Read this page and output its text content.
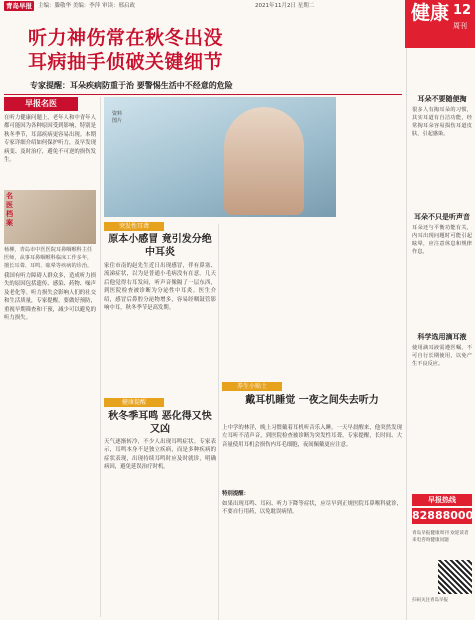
青岛早报	主编：滕敬华 美编：李萍 审读：邢启政	2021年11月2日 星期二	健康 12
周刊
听力神伤常在秋冬出没
耳病抽手侦破关键细节
专家提醒：耳朵疾病防重于治 要警惕生活中不经意的危险
早报名医
在听力健康问题上，老年人和中青年人都可能因为各种原因受到影响，特别是秋冬季节，耳部疾病更容易出现。本期专家详细介绍如何保护听力，及早发现病变、及时治疗，避免不可逆的损伤发生。
名医档案
杨柳，青岛市中医医院耳鼻咽喉科主任医师，从事耳鼻咽喉科临床工作多年，擅长耳聋、耳鸣、眩晕等疾病的诊治。
我国有听力障碍人群众多，造成听力损失的原因包括遗传、感染、药物、噪声及老化等。听力损失会影响人们的社交和生活质量，专家提醒，要做好预防，重视早期筛查和干预，减少可以避免的听力损失。
资料图片
突发性耳聋
原本小感冒 竟引发分绝中耳炎
家住市南的赵先生近日出现感冒，伴有鼻塞、流涕症状，以为是普通小毛病没有在意。几天后他觉得右耳发闷，听声音像隔了一层东西，到医院检查被诊断为分泌性中耳炎。医生介绍，感冒后鼻腔分泌物增多，容易经咽鼓管影响中耳，秋冬季节是高发期。
健康提醒
秋冬季耳鸣 恶化得又快又凶
天气逐渐转冷，不少人出现耳鸣症状。专家表示，耳鸣本身不是独立疾病，而是多种疾病的症状表现，出现持续耳鸣时应及时就诊，明确病因，避免延误治疗时机。
养生小贴士
戴耳机睡觉 一夜之间失去听力
上中学的林洋，晚上习惯戴着耳机听音乐入睡。一天早晨醒来，他突然发现左耳听不清声音，到医院检查被诊断为突发性耳聋。专家提醒，长时间、大音量使用耳机会损伤内耳毛细胞，夜间佩戴更应注意。
特别提醒：
如果出现耳鸣、耳闷、听力下降等症状，应尽早到正规医院耳鼻喉科就诊，不要自行用药，以免耽误病情。
耳朵不要随便掏
很多人有掏耳朵的习惯，其实耳道有自洁功能，经常掏耳朵容易损伤耳道皮肤，引起感染。
耳朵不只是听声音
耳朵还与平衡功能有关，内耳出现问题时可能引起眩晕，应注意休息和规律作息。
科学选用滴耳液
使用滴耳液需遵医嘱，不可自行长期使用，以免产生不良反应。
早报热线
82888000
青岛早报健康周刊 欢迎读者来电咨询健康问题
扫码关注青岛早报
